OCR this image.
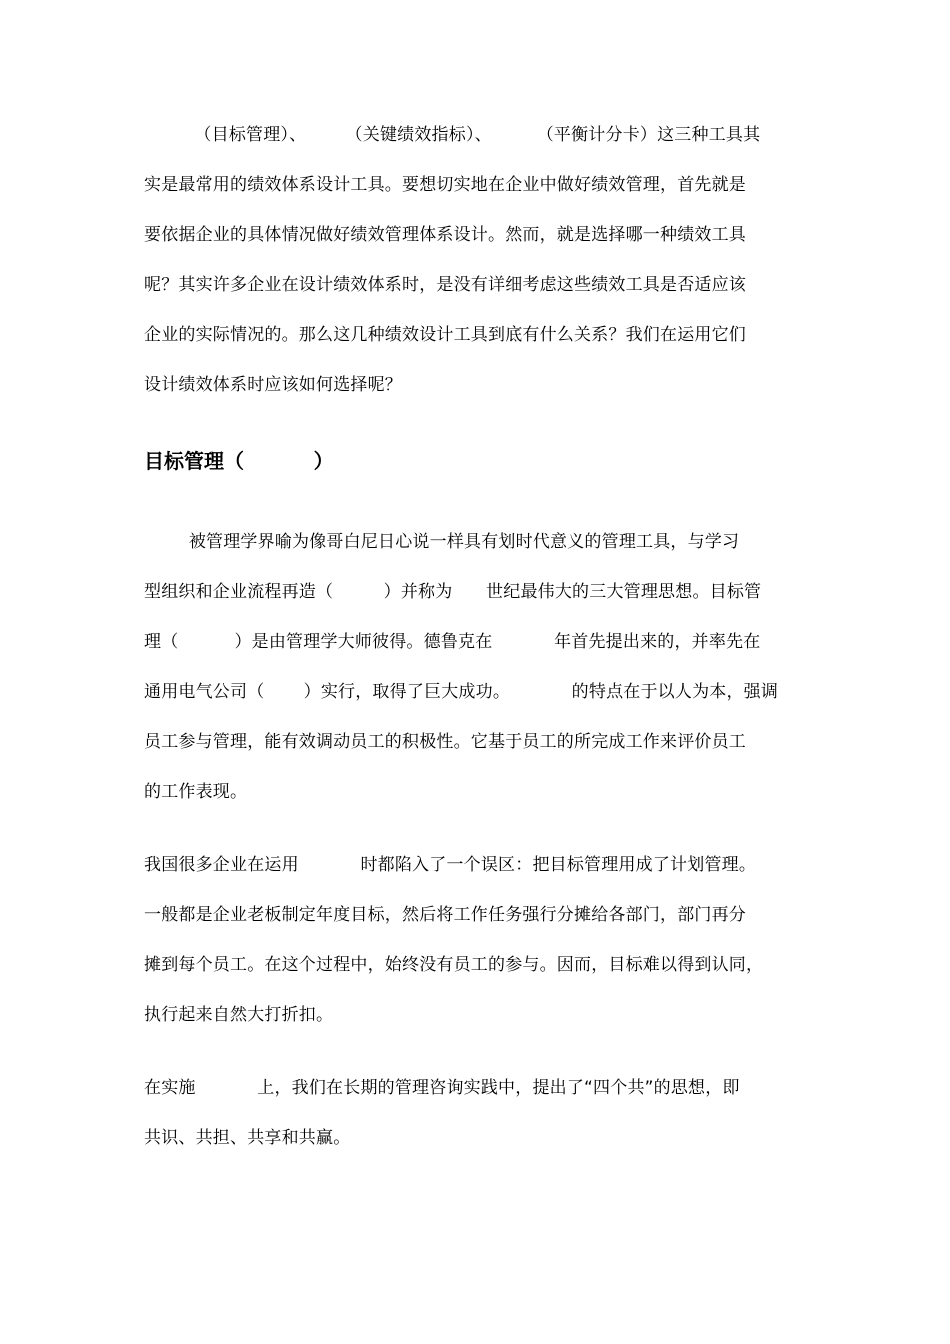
（目标管理）、       （关键绩效指标）、        （平衡计分卡）这三种工具其
实是最常用的绩效体系设计工具。要想切实地在企业中做好绩效管理，首先就是
要依据企业的具体情况做好绩效管理体系设计。然而，就是选择哪一种绩效工具
呢？其实许多企业在设计绩效体系时，是没有详细考虑这些绩效工具是否适应该
企业的实际情况的。那么这几种绩效设计工具到底有什么关系？我们在运用它们
设计绩效体系时应该如何选择呢？
目标管理（          ）
被管理学界喻为像哥白尼日心说一样具有划时代意义的管理工具，与学习
型组织和企业流程再造（         ）并称为      世纪最伟大的三大管理思想。目标管
理（          ）是由管理学大师彼得。德鲁克在           年首先提出来的，并率先在
通用电气公司（       ）实行，取得了巨大成功。           的特点在于以人为本，强调
员工参与管理，能有效调动员工的积极性。它基于员工的所完成工作来评价员工
的工作表现。
我国很多企业在运用           时都陷入了一个误区：把目标管理用成了计划管理。
一般都是企业老板制定年度目标，然后将工作任务强行分摊给各部门，部门再分
摊到每个员工。在这个过程中，始终没有员工的参与。因而，目标难以得到认同，
执行起来自然大打折扣。
在实施           上，我们在长期的管理咨询实践中，提出了“四个共”的思想，即
共识、共担、共享和共赢。
